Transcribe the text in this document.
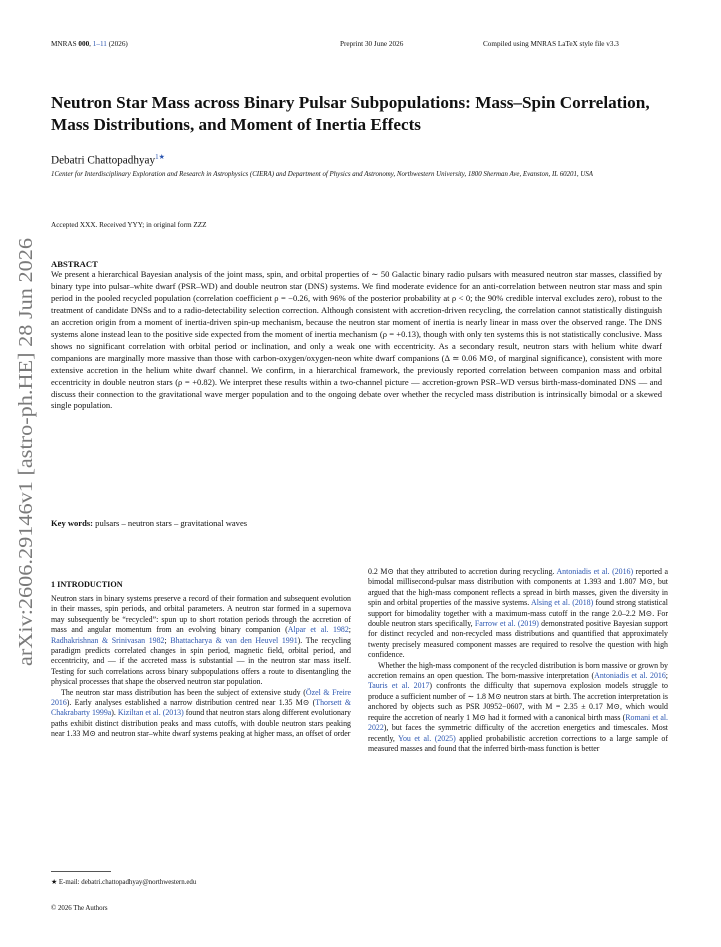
MNRAS 000, 1–11 (2026)	Preprint 30 June 2026	Compiled using MNRAS LaTeX style file v3.3
arXiv:2606.29146v1 [astro-ph.HE] 28 Jun 2026
Neutron Star Mass across Binary Pulsar Subpopulations: Mass–Spin Correlation, Mass Distributions, and Moment of Inertia Effects
Debatri Chattopadhyay$^{1★}$
1Center for Interdisciplinary Exploration and Research in Astrophysics (CIERA) and Department of Physics and Astronomy, Northwestern University, 1800 Sherman Ave, Evanston, IL 60201, USA
Accepted XXX. Received YYY; in original form ZZZ
ABSTRACT
We present a hierarchical Bayesian analysis of the joint mass, spin, and orbital properties of ∼ 50 Galactic binary radio pulsars with measured neutron star masses, classified by binary type into pulsar–white dwarf (PSR–WD) and double neutron star (DNS) systems. We find moderate evidence for an anti-correlation between neutron star mass and spin period in the pooled recycled population (correlation coefficient ρ = −0.26, with 96% of the posterior probability at ρ < 0; the 90% credible interval excludes zero), robust to the treatment of candidate DNSs and to a radio-detectability selection correction. Although consistent with accretion-driven recycling, the correlation cannot statistically distinguish an accretion origin from a moment of inertia-driven spin-up mechanism, because the neutron star moment of inertia is nearly linear in mass over the observed range. The DNS systems alone instead lean to the positive side expected from the moment of inertia mechanism (ρ = +0.13), though with only ten systems this is not statistically conclusive. Mass shows no significant correlation with orbital period or inclination, and only a weak one with eccentricity. As a secondary result, neutron stars with helium white dwarf companions are marginally more massive than those with carbon-oxygen/oxygen-neon white dwarf companions (Δ ≃ 0.06 M⊙, of marginal significance), consistent with more extensive accretion in the helium white dwarf channel. We confirm, in a hierarchical framework, the previously reported correlation between companion mass and orbital eccentricity in double neutron stars (ρ = +0.82). We interpret these results within a two-channel picture — accretion-grown PSR–WD versus birth-mass-dominated DNS — and discuss their connection to the gravitational wave merger population and to the ongoing debate over whether the recycled mass distribution is intrinsically bimodal or a skewed single population.
Key words: pulsars – neutron stars – gravitational waves
1 INTRODUCTION

Neutron stars in binary systems preserve a record of their formation and subsequent evolution in their masses, spin periods, and orbital parameters. A neutron star formed in a supernova may subsequently be “recycled”: spun up to short rotation periods through the accretion of mass and angular momentum from an evolving binary companion (Alpar et al. 1982; Radhakrishnan & Srinivasan 1982; Bhattacharya & van den Heuvel 1991). The recycling paradigm predicts correlated changes in spin period, magnetic field, orbital period, and eccentricity, and — if the accreted mass is substantial — in the neutron star mass itself. Testing for such correlations across binary subpopulations offers a route to disentangling the physical processes that shape the observed neutron star population.

The neutron star mass distribution has been the subject of extensive study (Özel & Freire 2016). Early analyses established a narrow distribution centred near 1.35 M⊙ (Thorsett & Chakrabarty 1999a). Kiziltan et al. (2013) found that neutron stars along different evolutionary paths exhibit distinct distribution peaks and mass cutoffs, with double neutron stars peaking near 1.33 M⊙ and neutron star–white dwarf systems peaking at higher mass, an offset of order

0.2 M⊙ that they attributed to accretion during recycling. Antoniadis et al. (2016) reported a bimodal millisecond-pulsar mass distribution with components at 1.393 and 1.807 M⊙, but argued that the high-mass component reflects a spread in birth masses, given the diversity in spin and orbital properties of the massive systems. Alsing et al. (2018) found strong statistical support for bimodality together with a maximum-mass cutoff in the range 2.0–2.2 M⊙. For double neutron stars specifically, Farrow et al. (2019) demonstrated positive Bayesian support for distinct recycled and non-recycled mass distributions and quantified that approximately twenty precisely measured component masses are required to resolve the question with high confidence.

Whether the high-mass component of the recycled distribution is born massive or grown by accretion remains an open question. The born-massive interpretation (Antoniadis et al. 2016; Tauris et al. 2017) confronts the difficulty that supernova explosion models struggle to produce a sufficient number of ∼ 1.8 M⊙ neutron stars at birth. The accretion interpretation is anchored by objects such as PSR J0952−0607, with M = 2.35 ± 0.17 M⊙, which would require the accretion of nearly 1 M⊙ had it formed with a canonical birth mass (Romani et al. 2022), but faces the symmetric difficulty of the accretion energetics and timescales. Most recently, You et al. (2025) applied probabilistic accretion corrections to a large sample of measured masses and found that the inferred birth-mass function is better

★ E-mail: debatri.chattopadhyay@northwestern.edu
© 2026 The Authors
